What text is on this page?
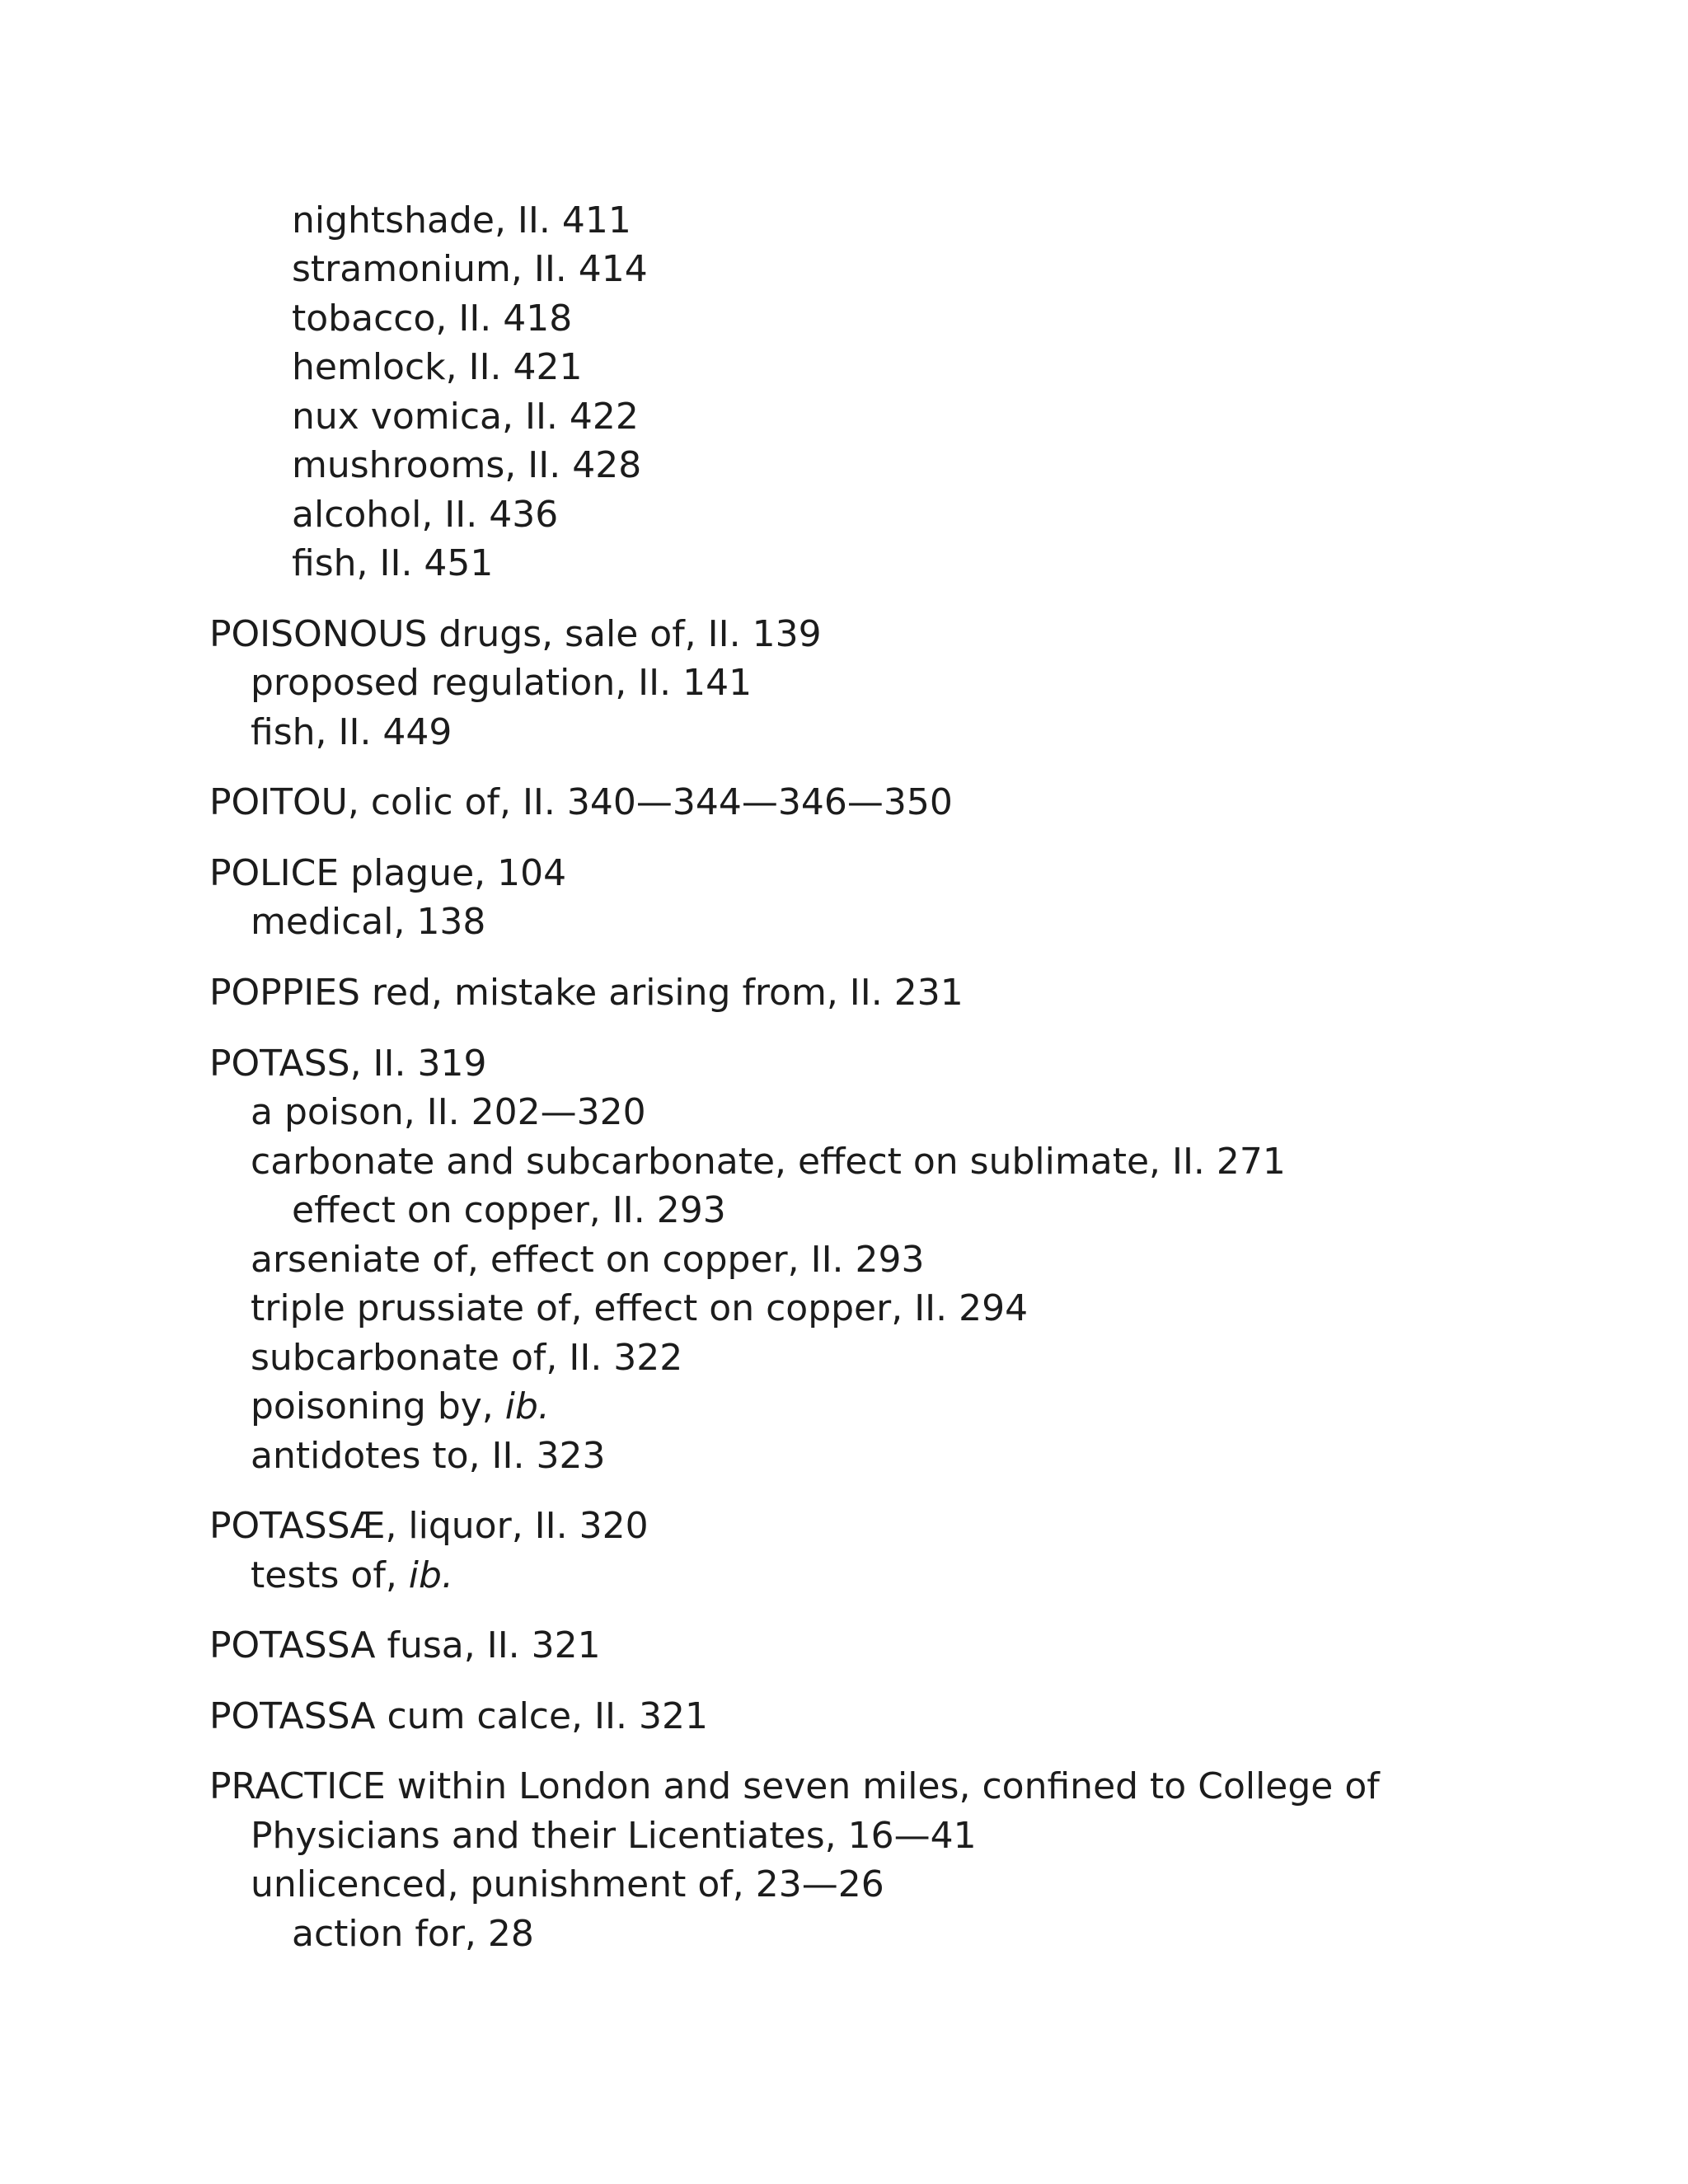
nightshade, II. 411
stramonium, II. 414
tobacco, II. 418
hemlock, II. 421
nux vomica, II. 422
mushrooms, II. 428
alcohol, II. 436
fish, II. 451
POISONOUS drugs, sale of, II. 139
proposed regulation, II. 141
fish, II. 449
POITOU, colic of, II. 340—344—346—350
POLICE plague, 104
medical, 138
POPPIES red, mistake arising from, II. 231
POTASS, II. 319
a poison, II. 202—320
carbonate and subcarbonate, effect on sublimate, II. 271
effect on copper, II. 293
arseniate of, effect on copper, II. 293
triple prussiate of, effect on copper, II. 294
subcarbonate of, II. 322
poisoning by, ib.
antidotes to, II. 323
POTASSÆ, liquor, II. 320
tests of, ib.
POTASSA fusa, II. 321
POTASSA cum calce, II. 321
PRACTICE within London and seven miles, confined to College of
Physicians and their Licentiates, 16—41
unlicenced, punishment of, 23—26
action for, 28
